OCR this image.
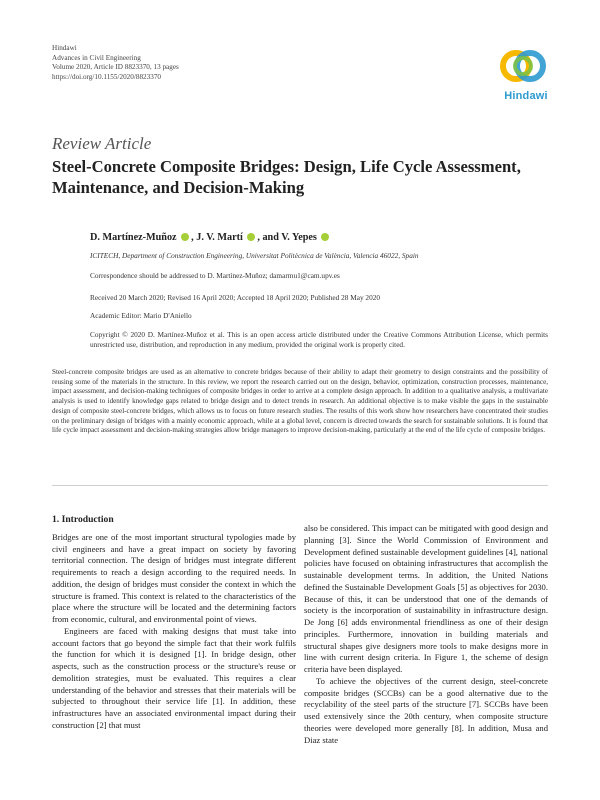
Hindawi
Advances in Civil Engineering
Volume 2020, Article ID 8823370, 13 pages
https://doi.org/10.1155/2020/8823370
Hindawi
Review Article
Steel-Concrete Composite Bridges: Design, Life Cycle Assessment, Maintenance, and Decision-Making
D. Martínez-Muñoz , J. V. Martí , and V. Yepes
ICITECH, Department of Construction Engineering, Universitat Politècnica de València, Valencia 46022, Spain
Correspondence should be addressed to D. Martínez-Muñoz; damarmu1@cam.upv.es
Received 20 March 2020; Revised 16 April 2020; Accepted 18 April 2020; Published 28 May 2020
Academic Editor: Mario D'Aniello
Copyright © 2020 D. Martínez-Muñoz et al. This is an open access article distributed under the Creative Commons Attribution License, which permits unrestricted use, distribution, and reproduction in any medium, provided the original work is properly cited.
Steel-concrete composite bridges are used as an alternative to concrete bridges because of their ability to adapt their geometry to design constraints and the possibility of reusing some of the materials in the structure. In this review, we report the research carried out on the design, behavior, optimization, construction processes, maintenance, impact assessment, and decision-making techniques of composite bridges in order to arrive at a complete design approach. In addition to a qualitative analysis, a multivariate analysis is used to identify knowledge gaps related to bridge design and to detect trends in research. An additional objective is to make visible the gaps in the sustainable design of composite steel-concrete bridges, which allows us to focus on future research studies. The results of this work show how researchers have concentrated their studies on the preliminary design of bridges with a mainly economic approach, while at a global level, concern is directed towards the search for sustainable solutions. It is found that life cycle impact assessment and decision-making strategies allow bridge managers to improve decision-making, particularly at the end of the life cycle of composite bridges.
1. Introduction

Bridges are one of the most important structural typologies made by civil engineers and have a great impact on society by favoring territorial connection. The design of bridges must integrate different requirements to reach a design according to the required needs. In addition, the design of bridges must consider the context in which the structure is framed. This context is related to the characteristics of the place where the structure will be located and the determining factors from economic, cultural, and environmental point of views.

Engineers are faced with making designs that must take into account factors that go beyond the simple fact that their work fulfils the function for which it is designed [1]. In bridge design, other aspects, such as the construction process or the structure's reuse or demolition strategies, must be evaluated. This requires a clear understanding of the behavior and stresses that their materials will be subjected to throughout their service life [1]. In addition, these infrastructures have an associated environmental impact during their construction [2] that must

also be considered. This impact can be mitigated with good design and planning [3]. Since the World Commission of Environment and Development defined sustainable development guidelines [4], national policies have focused on obtaining infrastructures that accomplish the sustainable development terms. In addition, the United Nations defined the Sustainable Development Goals [5] as objectives for 2030. Because of this, it can be understood that one of the demands of society is the incorporation of sustainability in infrastructure design. De Jong [6] adds environmental friendliness as one of their design principles. Furthermore, innovation in building materials and structural shapes give designers more tools to make designs more in line with current design criteria. In Figure 1, the scheme of design criteria have been displayed.

To achieve the objectives of the current design, steel-concrete composite bridges (SCCBs) can be a good alternative due to the recyclability of the steel parts of the structure [7]. SCCBs have been used extensively since the 20th century, when composite structure theories were developed more generally [8]. In addition, Musa and Diaz state
